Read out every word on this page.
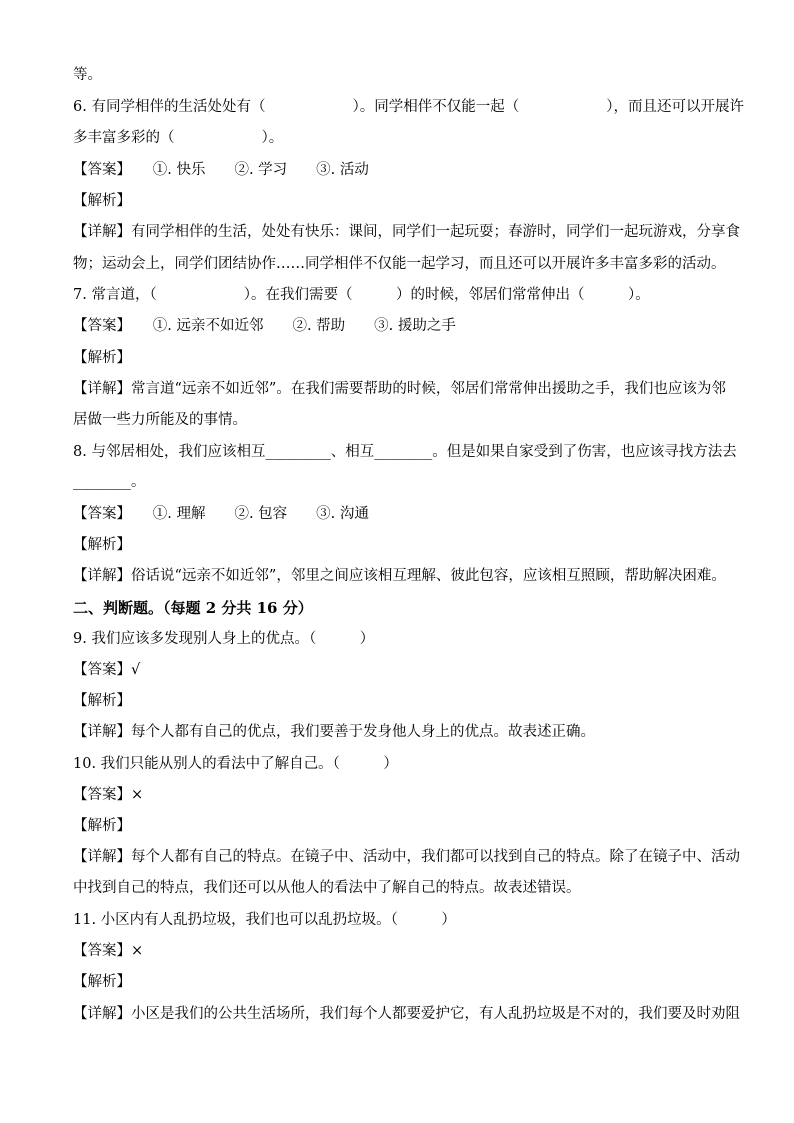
等。
6. 有同学相伴的生活处处有（　　　　　　）。同学相伴不仅能一起（　　　　　　），而且还可以开展许
多丰富多彩的（　　　　　　）。
【答案】　　①. 快乐　　②. 学习　　③. 活动
【解析】
【详解】有同学相伴的生活，处处有快乐：课间，同学们一起玩耍；春游时，同学们一起玩游戏，分享食
物；运动会上，同学们团结协作……同学相伴不仅能一起学习，而且还可以开展许多丰富多彩的活动。
7. 常言道，（　　　　　　）。在我们需要（　　　）的时候，邻居们常常伸出（　　　）。
【答案】　　①. 远亲不如近邻　　②. 帮助　　③. 援助之手
【解析】
【详解】常言道“远亲不如近邻”。在我们需要帮助的时候，邻居们常常伸出援助之手，我们也应该为邻
居做一些力所能及的事情。
8. 与邻居相处，我们应该相互_________、相互________。但是如果自家受到了伤害，也应该寻找方法去
________。
【答案】　　①. 理解　　②. 包容　　③. 沟通
【解析】
【详解】俗话说“远亲不如近邻”，邻里之间应该相互理解、彼此包容，应该相互照顾，帮助解决困难。
二、判断题。（每题 2 分共 16 分）
9. 我们应该多发现别人身上的优点。（　　　）
【答案】√
【解析】
【详解】每个人都有自己的优点，我们要善于发身他人身上的优点。故表述正确。
10. 我们只能从别人的看法中了解自己。（　　　）
【答案】×
【解析】
【详解】每个人都有自己的特点。在镜子中、活动中，我们都可以找到自己的特点。除了在镜子中、活动
中找到自己的特点，我们还可以从他人的看法中了解自己的特点。故表述错误。
11. 小区内有人乱扔垃圾，我们也可以乱扔垃圾。（　　　）
【答案】×
【解析】
【详解】小区是我们的公共生活场所，我们每个人都要爱护它，有人乱扔垃圾是不对的，我们要及时劝阻
